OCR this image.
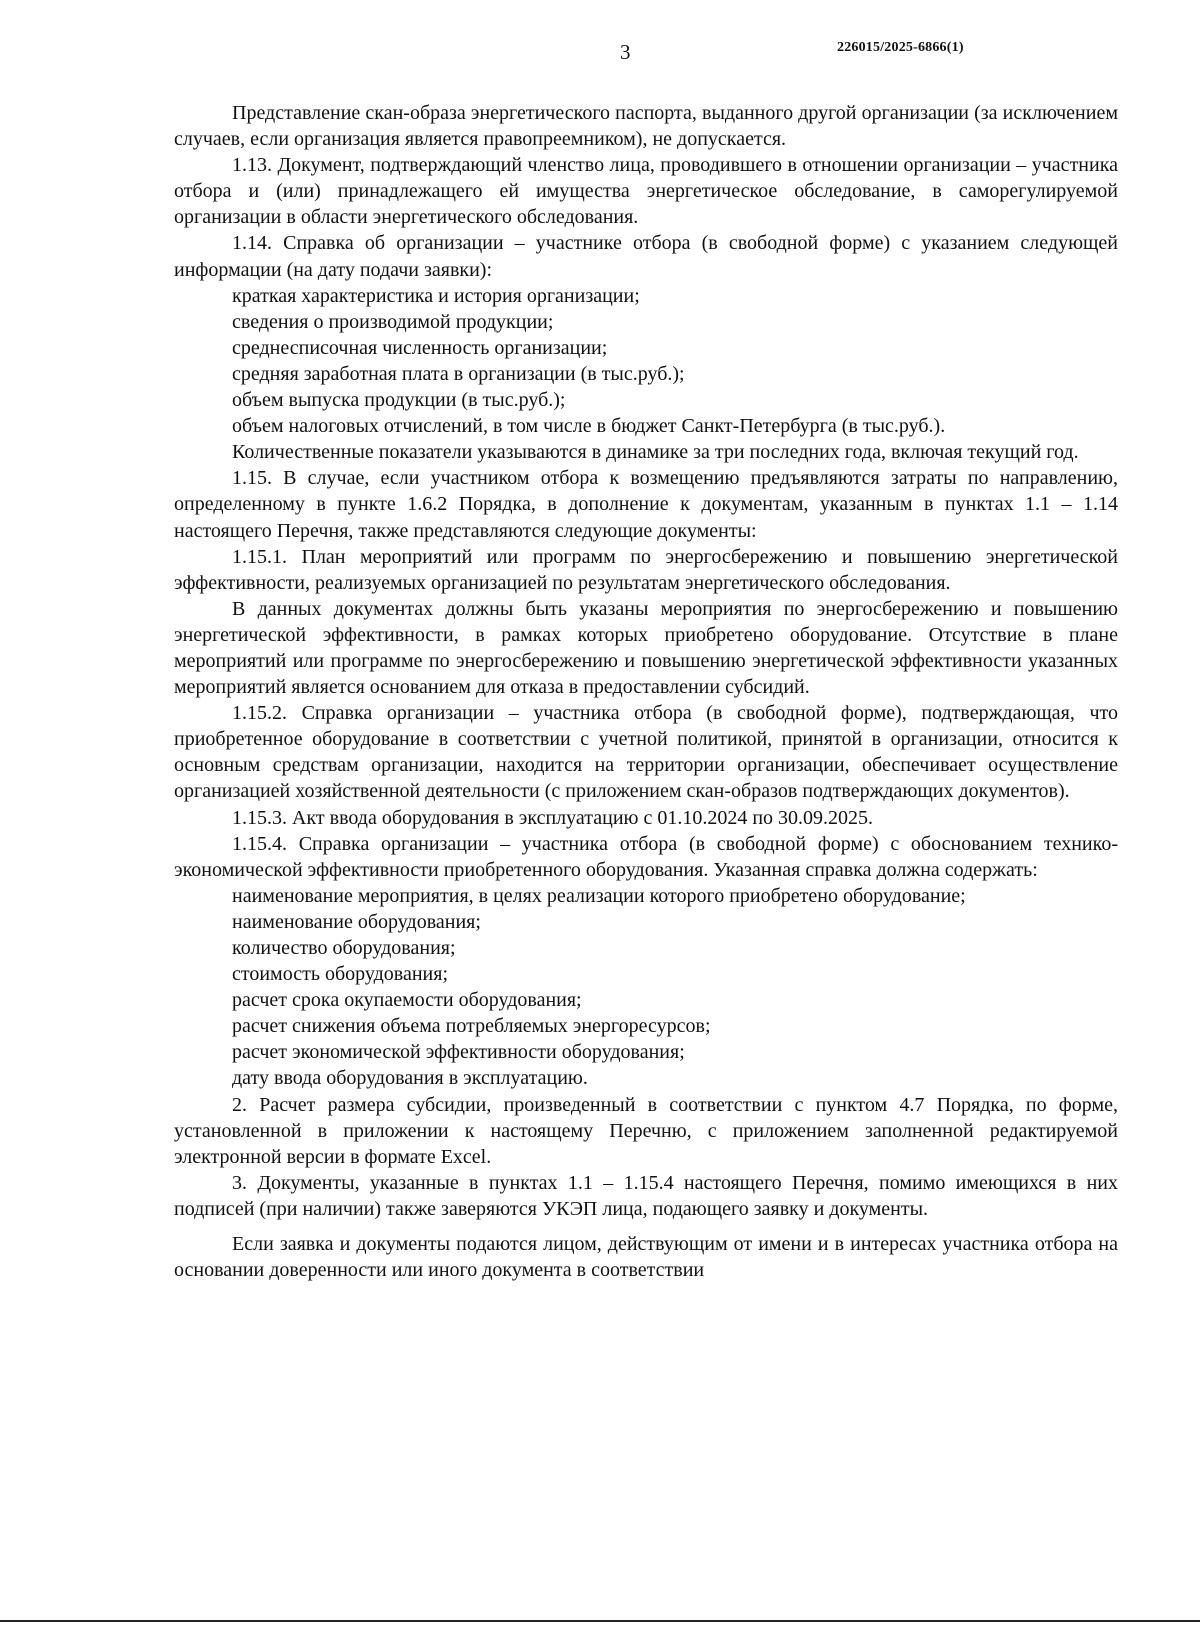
3	226015/2025-6866(1)

Представление скан-образа энергетического паспорта, выданного другой организации (за исключением случаев, если организация является правопреемником), не допускается.

1.13. Документ, подтверждающий членство лица, проводившего в отношении организации – участника отбора и (или) принадлежащего ей имущества энергетическое обследование, в саморегулируемой организации в области энергетического обследования.

1.14. Справка об организации – участнике отбора (в свободной форме) с указанием следующей информации (на дату подачи заявки):

краткая характеристика и история организации;

сведения о производимой продукции;

среднесписочная численность организации;

средняя заработная плата в организации (в тыс.руб.);

объем выпуска продукции (в тыс.руб.);

объем налоговых отчислений, в том числе в бюджет Санкт-Петербурга (в тыс.руб.).

Количественные показатели указываются в динамике за три последних года, включая текущий год.

1.15. В случае, если участником отбора к возмещению предъявляются затраты по направлению, определенному в пункте 1.6.2 Порядка, в дополнение к документам, указанным в пунктах 1.1 – 1.14 настоящего Перечня, также представляются следующие документы:

1.15.1. План мероприятий или программ по энергосбережению и повышению энергетической эффективности, реализуемых организацией по результатам энергетического обследования.

В данных документах должны быть указаны мероприятия по энергосбережению и повышению энергетической эффективности, в рамках которых приобретено оборудование. Отсутствие в плане мероприятий или программе по энергосбережению и повышению энергетической эффективности указанных мероприятий является основанием для отказа в предоставлении субсидий.

1.15.2. Справка организации – участника отбора (в свободной форме), подтверждающая, что приобретенное оборудование в соответствии с учетной политикой, принятой в организации, относится к основным средствам организации, находится на территории организации, обеспечивает осуществление организацией хозяйственной деятельности (с приложением скан-образов подтверждающих документов).

1.15.3. Акт ввода оборудования в эксплуатацию с 01.10.2024 по 30.09.2025.

1.15.4. Справка организации – участника отбора (в свободной форме) с обоснованием технико-экономической эффективности приобретенного оборудования. Указанная справка должна содержать:

наименование мероприятия, в целях реализации которого приобретено оборудование;

наименование оборудования;

количество оборудования;

стоимость оборудования;

расчет срока окупаемости оборудования;

расчет снижения объема потребляемых энергоресурсов;

расчет экономической эффективности оборудования;

дату ввода оборудования в эксплуатацию.

2. Расчет размера субсидии, произведенный в соответствии с пунктом 4.7 Порядка, по форме, установленной в приложении к настоящему Перечню, с приложением заполненной редактируемой электронной версии в формате Excel.

3. Документы, указанные в пунктах 1.1 – 1.15.4 настоящего Перечня, помимо имеющихся в них подписей (при наличии) также заверяются УКЭП лица, подающего заявку и документы.

Если заявка и документы подаются лицом, действующим от имени и в интересах участника отбора на основании доверенности или иного документа в соответствии
